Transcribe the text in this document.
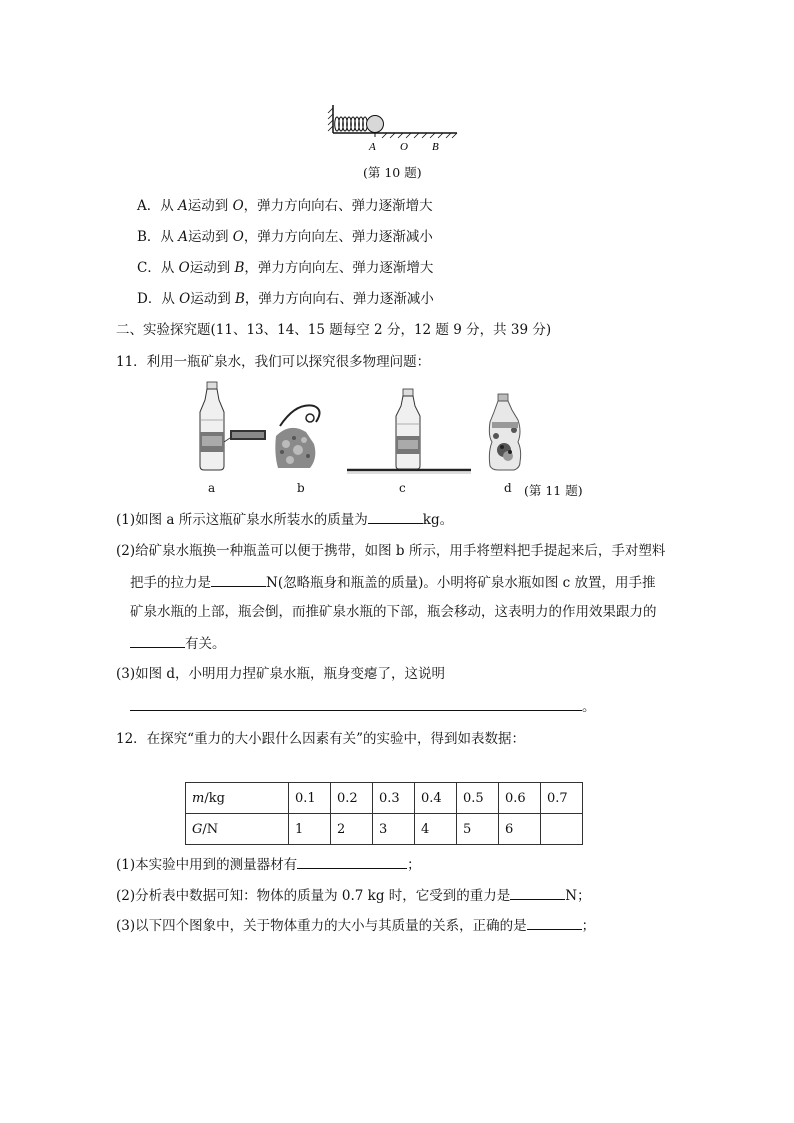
A O B
(第 10 题)
A．从 A运动到 O，弹力方向向右、弹力逐渐增大
B．从 A运动到 O，弹力方向向左、弹力逐渐减小
C．从 O运动到 B，弹力方向向左、弹力逐渐增大
D．从 O运动到 B，弹力方向向右、弹力逐渐减小
二、实验探究题(11、13、14、15 题每空 2 分，12 题 9 分，共 39 分)
11．利用一瓶矿泉水，我们可以探究很多物理问题：
a	b	c	d (第 11 题)
(1)如图 a 所示这瓶矿泉水所装水的质量为	kg。
(2)给矿泉水瓶换一种瓶盖可以便于携带，如图 b 所示，用手将塑料把手提起来后，手对塑料
把手的拉力是	N(忽略瓶身和瓶盖的质量)。小明将矿泉水瓶如图 c 放置，用手推
矿泉水瓶的上部，瓶会倒，而推矿泉水瓶的下部，瓶会移动，这表明力的作用效果跟力的
有关。
(3)如图 d，小明用力捏矿泉水瓶，瓶身变瘪了，这说明
。
12．在探究“重力的大小跟什么因素有关”的实验中，得到如表数据：
m/kg	0.1	0.2	0.3	0.4	0.5	0.6	0.7
G/N	1	2	3	4	5	6	
(1)本实验中用到的测量器材有	；
(2)分析表中数据可知：物体的质量为 0.7 kg 时，它受到的重力是	N；
(3)以下四个图象中，关于物体重力的大小与其质量的关系，正确的是	；
